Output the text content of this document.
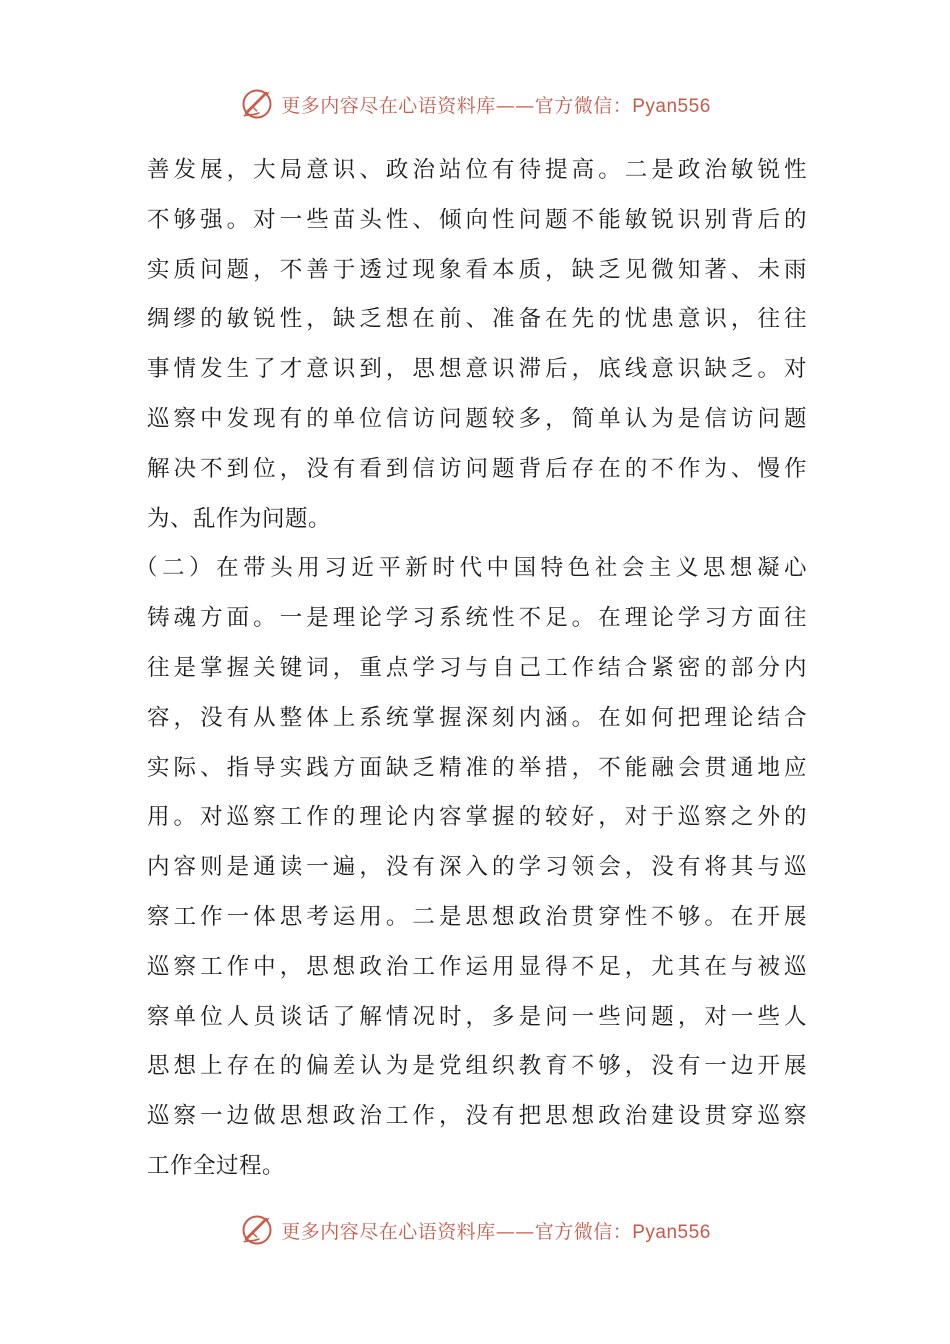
更多内容尽在心语资料库——官方微信：Pyan556
善发展，大局意识、政治站位有待提高。二是政治敏锐性
不够强。对一些苗头性、倾向性问题不能敏锐识别背后的
实质问题，不善于透过现象看本质，缺乏见微知著、未雨
绸缪的敏锐性，缺乏想在前、准备在先的忧患意识，往往
事情发生了才意识到，思想意识滞后，底线意识缺乏。对
巡察中发现有的单位信访问题较多，简单认为是信访问题
解决不到位，没有看到信访问题背后存在的不作为、慢作
为、乱作为问题。
（二）在带头用习近平新时代中国特色社会主义思想凝心
铸魂方面。一是理论学习系统性不足。在理论学习方面往
往是掌握关键词，重点学习与自己工作结合紧密的部分内
容，没有从整体上系统掌握深刻内涵。在如何把理论结合
实际、指导实践方面缺乏精准的举措，不能融会贯通地应
用。对巡察工作的理论内容掌握的较好，对于巡察之外的
内容则是通读一遍，没有深入的学习领会，没有将其与巡
察工作一体思考运用。二是思想政治贯穿性不够。在开展
巡察工作中，思想政治工作运用显得不足，尤其在与被巡
察单位人员谈话了解情况时，多是问一些问题，对一些人
思想上存在的偏差认为是党组织教育不够，没有一边开展
巡察一边做思想政治工作，没有把思想政治建设贯穿巡察
工作全过程。
更多内容尽在心语资料库——官方微信：Pyan556
